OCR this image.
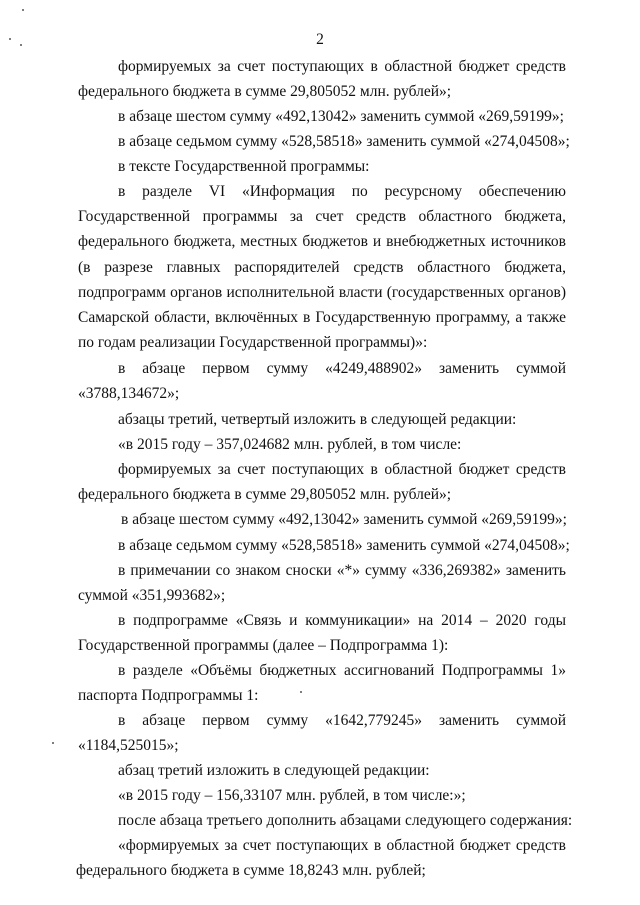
2
формируемых за счет поступающих в областной бюджет средств
федерального бюджета в сумме 29,805052 млн. рублей»;
в абзаце шестом сумму «492,13042» заменить суммой «269,59199»;
в абзаце седьмом сумму «528,58518» заменить суммой «274,04508»;
в тексте Государственной программы:
в разделе VI «Информация по ресурсному обеспечению
Государственной программы за счет средств областного бюджета,
федерального бюджета, местных бюджетов и внебюджетных источников
(в разрезе главных распорядителей средств областного бюджета,
подпрограмм органов исполнительной власти (государственных органов)
Самарской области, включённых в Государственную программу, а также
по годам реализации Государственной программы)»:
в абзаце первом сумму «4249,488902» заменить суммой
«3788,134672»;
абзацы третий, четвертый изложить в следующей редакции:
«в 2015 году – 357,024682 млн. рублей, в том числе:
формируемых за счет поступающих в областной бюджет средств
федерального бюджета в сумме 29,805052 млн. рублей»;
в абзаце шестом сумму «492,13042» заменить суммой «269,59199»;
в абзаце седьмом сумму «528,58518» заменить суммой «274,04508»;
в примечании со знаком сноски «*» сумму «336,269382» заменить
суммой «351,993682»;
в подпрограмме «Связь и коммуникации» на 2014 – 2020 годы
Государственной программы (далее – Подпрограмма 1):
в разделе «Объёмы бюджетных ассигнований Подпрограммы 1»
паспорта Подпрограммы 1:
в абзаце первом сумму «1642,779245» заменить суммой
«1184,525015»;
абзац третий изложить в следующей редакции:
«в 2015 году – 156,33107 млн. рублей, в том числе:»;
после абзаца третьего дополнить абзацами следующего содержания:
«формируемых за счет поступающих в областной бюджет средств
федерального бюджета в сумме 18,8243 млн. рублей;
